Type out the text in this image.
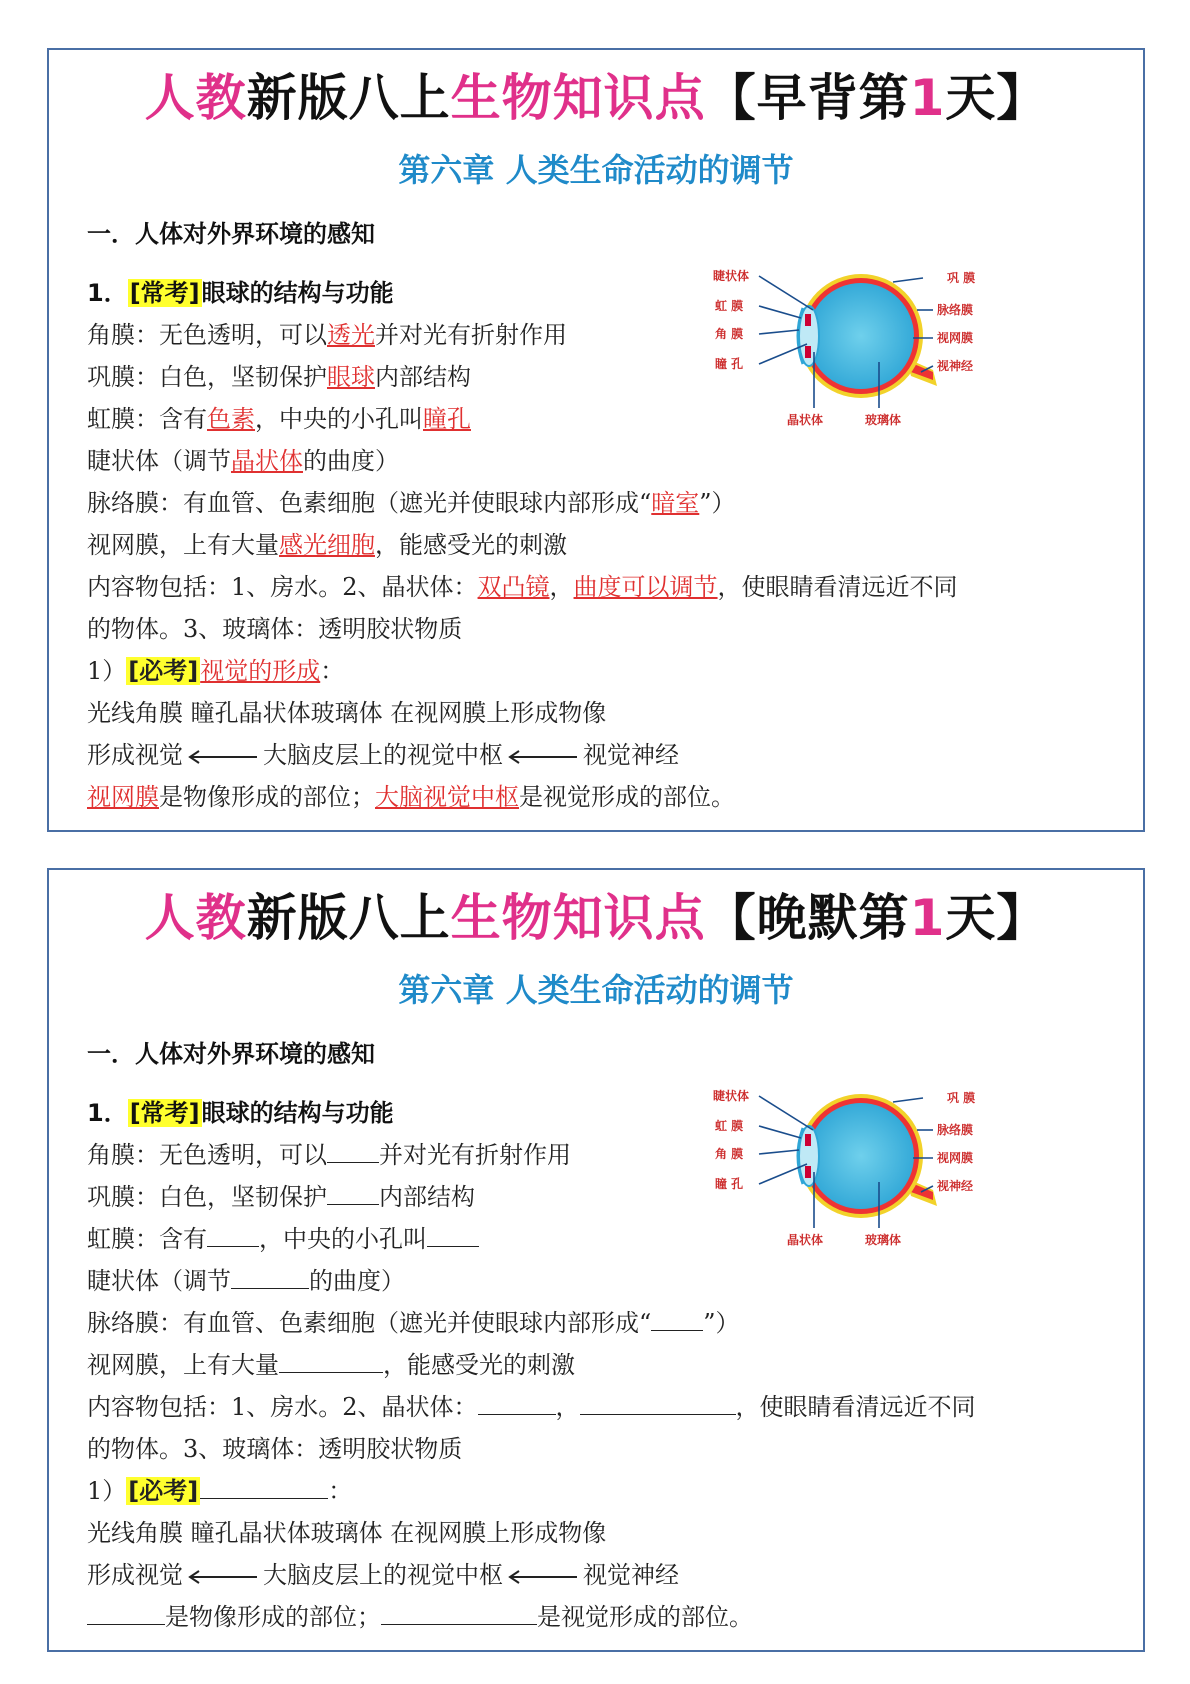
人教新版八上生物知识点【早背第1天】
第六章 人类生命活动的调节
一．人体对外界环境的感知
睫状体
虹 膜
角 膜
瞳 孔
巩 膜
脉络膜
视网膜
视神经
晶状体	玻璃体
1．[常考]眼球的结构与功能
角膜：无色透明，可以透光并对光有折射作用
巩膜：白色，坚韧保护眼球内部结构
虹膜：含有色素，中央的小孔叫瞳孔
睫状体（调节晶状体的曲度）
脉络膜：有血管、色素细胞（遮光并使眼球内部形成“暗室”）
视网膜，上有大量感光细胞，能感受光的刺激
内容物包括：1、房水。2、晶状体：双凸镜，曲度可以调节，使眼睛看清远近不同
的物体。3、玻璃体：透明胶状物质
1）[必考]视觉的形成：
光线角膜 瞳孔晶状体玻璃体 在视网膜上形成物像
形成视觉	大脑皮层上的视觉中枢	视觉神经
视网膜是物像形成的部位；大脑视觉中枢是视觉形成的部位。
人教新版八上生物知识点【晚默第1天】
第六章 人类生命活动的调节
一．人体对外界环境的感知
睫状体
虹 膜
角 膜
瞳 孔
巩 膜
脉络膜
视网膜
视神经
晶状体	玻璃体
1．[常考]眼球的结构与功能
角膜：无色透明，可以 并对光有折射作用
巩膜：白色，坚韧保护 内部结构
虹膜：含有 ，中央的小孔叫
睫状体（调节	的曲度）
脉络膜：有血管、色素细胞（遮光并使眼球内部形成“ ”）
视网膜，上有大量	，能感受光的刺激
内容物包括：1、房水。2、晶状体：	，	，使眼睛看清远近不同
的物体。3、玻璃体：透明胶状物质
1）[必考]	：
光线角膜 瞳孔晶状体玻璃体 在视网膜上形成物像
形成视觉	大脑皮层上的视觉中枢	视觉神经
是物像形成的部位；	是视觉形成的部位。
